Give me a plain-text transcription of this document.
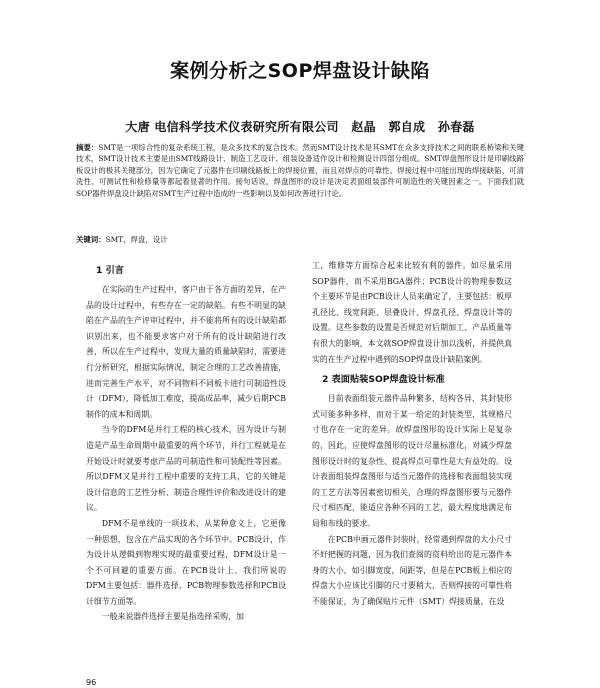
案例分析之SOP焊盘设计缺陷
大唐 电信科学技术仪表研究所有限公司 赵晶 郭自成 孙春磊
摘要：SMT是一项综合性的复杂系统工程，是众多技术的复合技术。然而SMT设计技术是其SMT在众多支持技术之间的联系桥梁和关键技术，SMT设计技术主要是由SMT线路设计、制造工艺设计、组装设备适作设计和检测设计四部分组成。SMT焊盘图形设计是印刷线路板设计的极其关键部分，因为它确定了元器件在印刷线路板上的焊接位置，而且对焊点的可靠性、焊接过程中可能出现的焊接缺陷、可清洗性、可测试性和检修量等都起着显著的作用。接句话说，焊盘图形的设计是决定表面组装部件可制造性的关键因素之一。下面我们就SOP器件焊盘设计缺陷对SMT生产过程中造成的一些影响以及如何改善进行讨论。
关键词：SMT，焊盘，设计

1 引言

在实际的生产过程中，客户由于各方面的差异，在产品的设计过程中，有些存在一定的缺陷。有些不明显的缺陷在产品的生产评审过程中，并不能将所有的设计缺陷都识别出来，也不能要求客户对于所有的设计缺陷进行改善，所以在生产过程中，发现大量的质量缺陷时，需要进行分析研究，根据实际情况，制定合理的工艺改善措施，进而完善生产水平，对不同物料不同板卡进行可制造性设计（DFM），降低加工难度，提高成品率，减少后期PCB制作的成本和周期。

当今的DFM是并行工程的核心技术，因为设计与制造是产品生命周期中最重要的两个环节，并行工程就是在开始设计时就要考虑产品的可制造性和可装配性等因素。所以DFM又是并行工程中重要的支持工具，它的关键是设计信息的工艺性分析、制造合理性评价和改进设计的建议。

DFM不是单线的一项技术，从某种意义上，它更像一种思想，包含在产品实现的各个环节中。PCB设计，作为设计从逻辑到物理实现的最重要过程，DFM设计是一个不可回避的重要方面。在PCB设计上，我们所说的DFM主要包括：器件选择、PCB物理参数选择和PCB设计细节方面等。

一般来说器件选择主要是指选择采购，加

工，维修等方面综合起来比较有利的器件。如尽量采用SOP器件，而不采用BGA器件；PCB设计的物理参数这个主要环节是由PCB设计人员来确定了，主要包括：板厚孔径比、线宽间距、层叠设计、焊盘孔径、焊盘设计等的设置。这些参数的设置是否规范对后期加工、产品质量等有很大的影响，本文就SOP焊盘设计加以浅析，并提供真实的在生产过程中遇到的SOP焊盘设计缺陷案例。

2 表面贴装SOP焊盘设计标准

目前表面组装元器件品种繁多，结构各异，其封装形式可能多种多样，而对于某一给定的封装类型，其规格尺寸也存在一定的差异。故焊盘图形的设计实际上是复杂的，因此，应使焊盘图形的设计尽量标准化，对减少焊盘图形设计时的复杂性、提高焊点可靠性是大有益处的。设计表面组装焊盘图形与适当元器件的选择和表面组装实现的工艺方法等因素密切相关，合理的焊盘图形要与元器件尺寸相匹配，能适应各种不同的工艺，最大程度地满足布局和布线的要求。

在PCB中画元器件封装时，经常遇到焊盘的大小尺寸不好把握的问题，因为我们查阅的资料给出的是元器件本身的大小，如引脚宽度，间距等，但是在PCB板上相应的焊盘大小应该比引脚的尺寸要稍大，否则焊接的可靠性将不能保证，为了确保贴片元件（SMT）焊接质量，在设

96
